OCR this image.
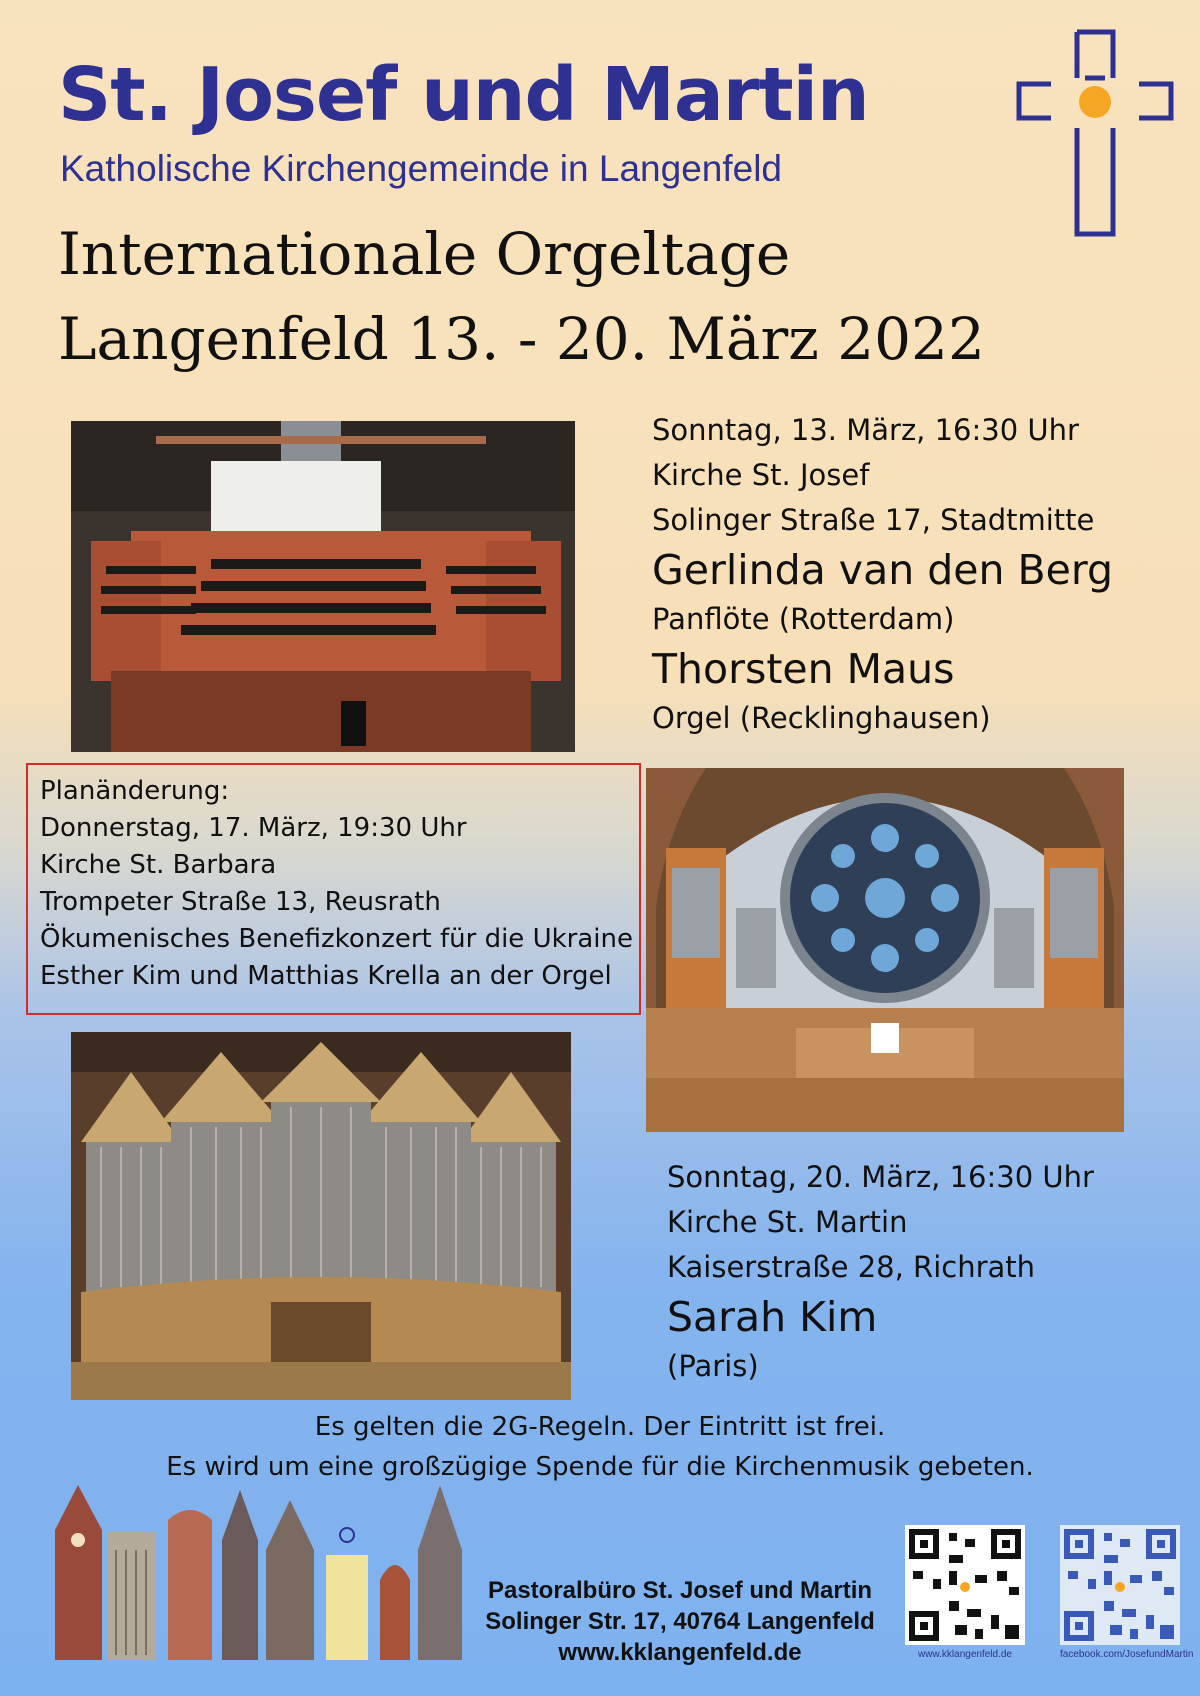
St. Josef und Martin
Katholische Kirchengemeinde in Langenfeld
Internationale Orgeltage
Langenfeld 13. - 20. März 2022
Sonntag, 13. März, 16:30 Uhr
Kirche St. Josef
Solinger Straße 17, Stadtmitte
Gerlinda van den Berg
Panflöte (Rotterdam)
Thorsten Maus
Orgel (Recklinghausen)
Planänderung:
Donnerstag, 17. März, 19:30 Uhr
Kirche St. Barbara
Trompeter Straße 13, Reusrath
Ökumenisches Benefizkonzert für die Ukraine
Esther Kim und Matthias Krella an der Orgel
Sonntag, 20. März, 16:30 Uhr
Kirche St. Martin
Kaiserstraße 28, Richrath
Sarah Kim
(Paris)
Es gelten die 2G-Regeln. Der Eintritt ist frei.
Es wird um eine großzügige Spende für die Kirchenmusik gebeten.
Pastoralbüro St. Josef und Martin
Solinger Str. 17, 40764 Langenfeld
www.kklangenfeld.de	www.kklangenfeld.de	facebook.com/JosefundMartin
